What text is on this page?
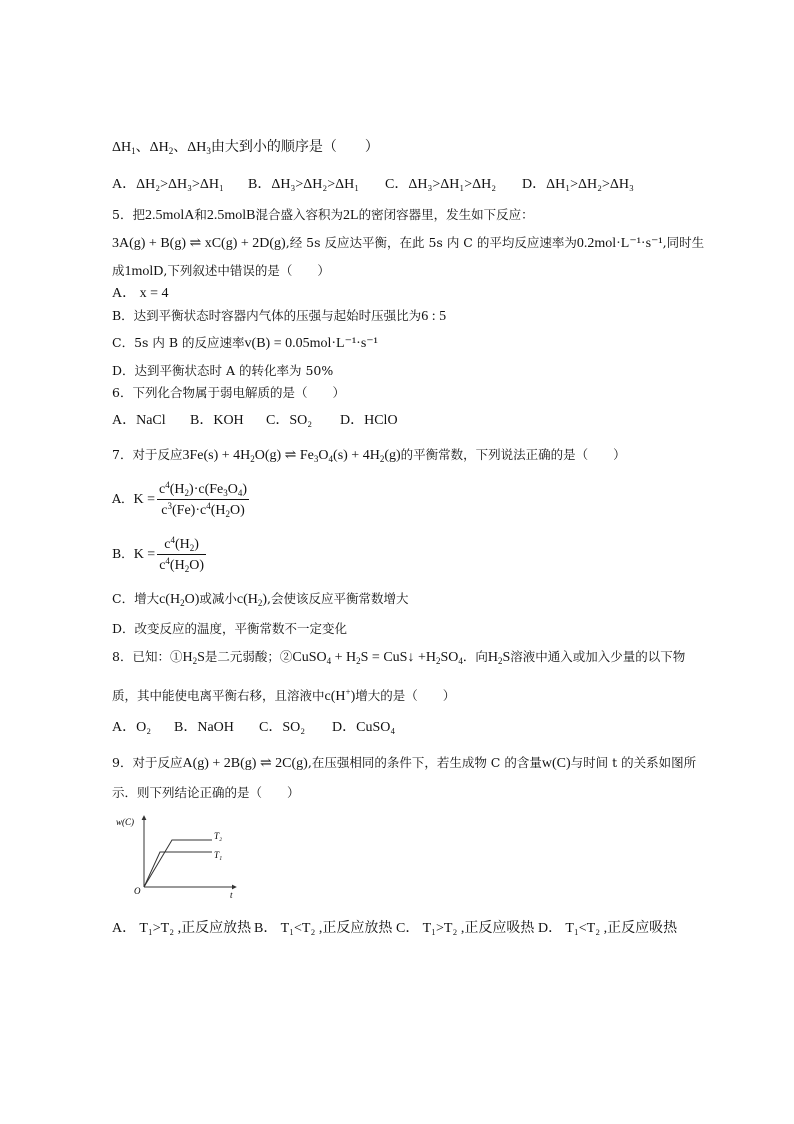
$\Delta H_1$、$\Delta H_2$、$\Delta H_3$由大到小的顺序是（　　）
A．ΔH₂>ΔH₃>ΔH₁ B．ΔH₃>ΔH₂>ΔH₁ C．ΔH₃>ΔH₁>ΔH₂ D．ΔH₁>ΔH₂>ΔH₃
5．把2.5molA和2.5molB混合盛入容积为2L的密闭容器里，发生如下反应：
3A(g) + B(g) ⇌ xC(g) + 2D(g),经 5s 反应达平衡，在此 5s 内 C 的平均反应速率为0.2mol·L⁻¹·s⁻¹,同时生
成1molD,下列叙述中错误的是（　　）
A． x = 4
B．达到平衡状态时容器内气体的压强与起始时压强比为6 : 5
C．5s 内 B 的反应速率v(B) = 0.05mol·L⁻¹·s⁻¹
D．达到平衡状态时 A 的转化率为 50%
6．下列化合物属于弱电解质的是（　　）
A．NaCl B．KOH C．SO₂ D．HClO
7．对于反应$3Fe(s) + 4H_2O(g)$ ⇌ $Fe_3O_4(s) + 4H_2(g)$的平衡常数，下列说法正确的是（　　）
A．$K = \frac{c^4(H_2)\cdot c(Fe_3O_4)}{c^3(Fe)\cdot c^4(H_2O)}$
B．$K = \frac{c^4(H_2)}{c^4(H_2O)}$
C．增大$c(H_2O)$或减小$c(H_2)$,会使该反应平衡常数增大
D．改变反应的温度，平衡常数不一定变化
8．已知：$①H_2S$是二元弱酸；②CuSO$_4$ + $H_2S$ = CuS↓ $+H_2SO_4$．向$H_2S$溶液中通入或加入少量的以下物
质，其中能使电离平衡右移，且溶液中c(H+)增大的是（　　）
A．O₂ B．NaOH C．SO₂ D．CuSO₄
9．对于反应A(g) + 2B(g) ⇌ 2C(g),在压强相同的条件下，若生成物 C 的含量w(C)与时间 t 的关系如图所
示．则下列结论正确的是（　　）
w(C)
t
O
T₂
T₁
A． T₁>T₂ ,正反应放热 B． T₁<T₂ ,正反应放热 C． T₁>T₂ ,正反应吸热 D． T₁<T₂ ,正反应吸热
